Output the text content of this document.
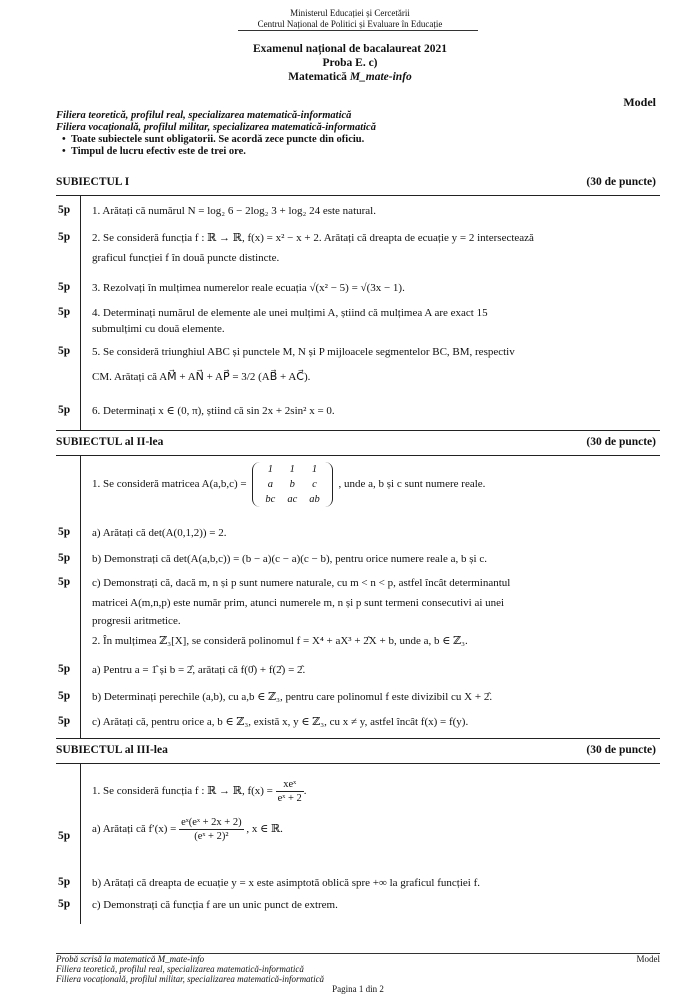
Ministerul Educației și Cercetării
Centrul Național de Politici și Evaluare în Educație
Examenul național de bacalaureat 2021
Proba E. c)
Matematică M_mate-info
Model
Filiera teoretică, profilul real, specializarea matematică-informatică
Filiera vocațională, profilul militar, specializarea matematică-informatică
•  Toate subiectele sunt obligatorii. Se acordă zece puncte din oficiu.
•  Timpul de lucru efectiv este de trei ore.
SUBIECTUL I	(30 de puncte)
5p 1. Arătați că numărul N = log₂ 6 − 2log₂ 3 + log₂ 24 este natural.
5p 2. Se consideră funcția f : ℝ → ℝ, f(x) = x² − x + 2. Arătați că dreapta de ecuație y = 2 intersectează
graficul funcției f în două puncte distincte.
5p 3. Rezolvați în mulțimea numerelor reale ecuația √(x² − 5) = √(3x − 1).
5p 4. Determinați numărul de elemente ale unei mulțimi A, știind că mulțimea A are exact 15
submulțimi cu două elemente.
5p 5. Se consideră triunghiul ABC și punctele M, N și P mijloacele segmentelor BC, BM, respectiv
CM. Arătați că AM⃗ + AN⃗ + AP⃗ = 3/2 (AB⃗ + AC⃗).
5p 6. Determinați x ∈ (0, π), știind că sin 2x + 2sin² x = 0.
SUBIECTUL al II-lea	(30 de puncte)
1. Se consideră matricea A(a,b,c) =
1	1	1
a	b	c
bc	ac	ab
, unde a, b și c sunt numere reale.
5p a) Arătați că det(A(0,1,2)) = 2.
5p b) Demonstrați că det(A(a,b,c)) = (b − a)(c − a)(c − b), pentru orice numere reale a, b și c.
5p c) Demonstrați că, dacă m, n și p sunt numere naturale, cu m < n < p, astfel încât determinantul
matricei A(m,n,p) este număr prim, atunci numerele m, n și p sunt termeni consecutivi ai unei
progresii aritmetice.
2. În mulțimea ℤ₃[X], se consideră polinomul f = X⁴ + aX³ + 2̂X + b, unde a, b ∈ ℤ₃.
5p a) Pentru a = 1̂ și b = 2̂, arătați că f(0̂) + f(2̂) = 2̂.
5p b) Determinați perechile (a,b), cu a,b ∈ ℤ₃, pentru care polinomul f este divizibil cu X + 2̂.
5p c) Arătați că, pentru orice a, b ∈ ℤ₃, există x, y ∈ ℤ₃, cu x ≠ y, astfel încât f(x) = f(y).
SUBIECTUL al III-lea	(30 de puncte)
1. Se consideră funcția f : ℝ → ℝ, $f(x) = \frac{\text{xeˣ}}{\text{eˣ + 2}}$ .
5p
a) Arătați că $f'(x) = \frac{\text{eˣ(eˣ + 2x + 2)}}{\text{(eˣ + 2)²}}$ , x ∈ ℝ.
5p b) Arătați că dreapta de ecuație y = x este asimptotă oblică spre +∞ la graficul funcției f.
5p c) Demonstrați că funcția f are un unic punct de extrem.
Probă scrisă la matematică M_mate-info
Filiera teoretică, profilul real, specializarea matematică-informatică
Filiera vocațională, profilul militar, specializarea matematică-informatică
Pagina 1 din 2
Model
